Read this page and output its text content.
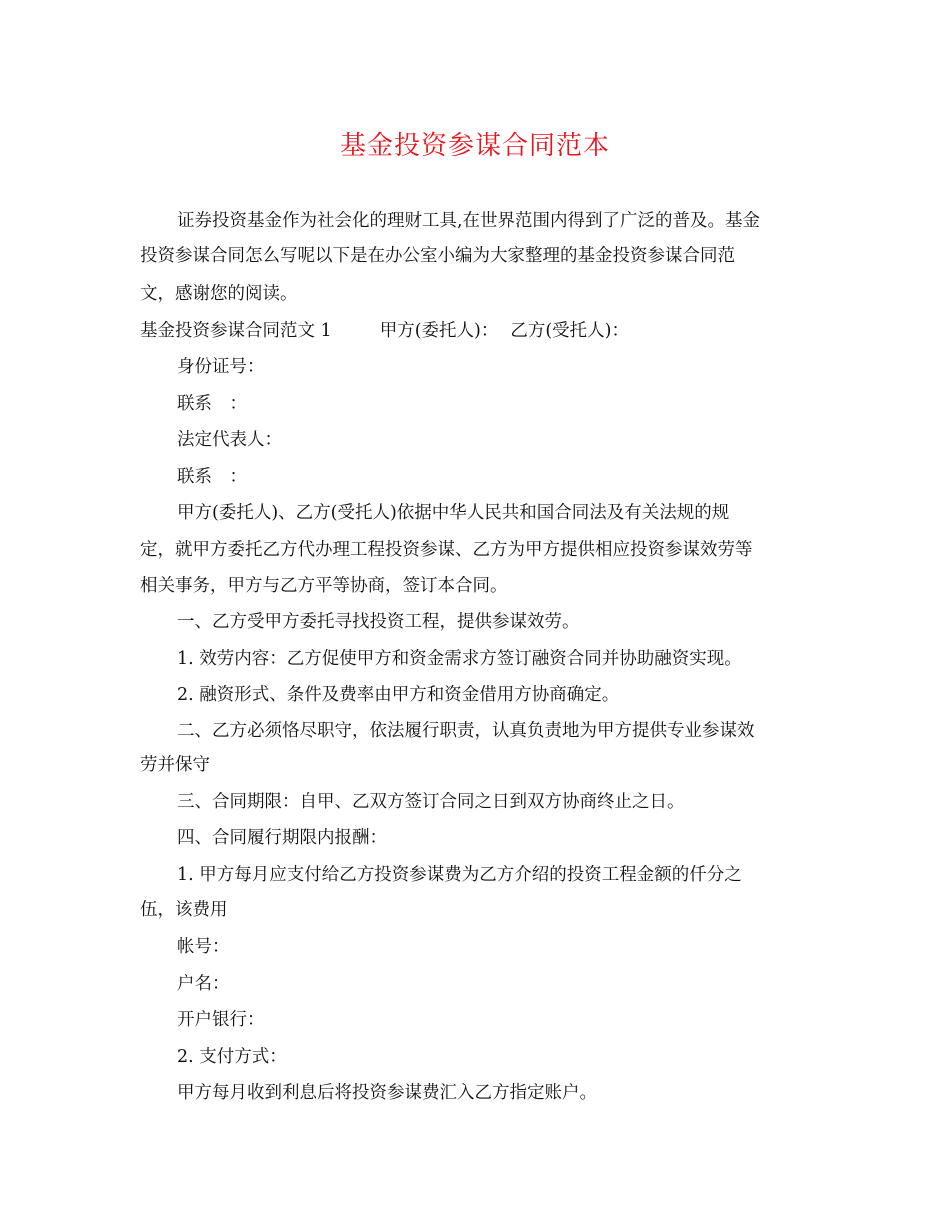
基金投资参谋合同范本
证券投资基金作为社会化的理财工具,在世界范围内得到了广泛的普及。基金
投资参谋合同怎么写呢以下是在办公室小编为大家整理的基金投资参谋合同范
文，感谢您的阅读。
基金投资参谋合同范文 1	甲方(委托人)： 乙方(受托人)：
身份证号：
联系　：
法定代表人：
联系　：
甲方(委托人)、乙方(受托人)依据中华人民共和国合同法及有关法规的规
定，就甲方委托乙方代办理工程投资参谋、乙方为甲方提供相应投资参谋效劳等
相关事务，甲方与乙方平等协商，签订本合同。
一、乙方受甲方委托寻找投资工程，提供参谋效劳。
1. 效劳内容：乙方促使甲方和资金需求方签订融资合同并协助融资实现。
2. 融资形式、条件及费率由甲方和资金借用方协商确定。
二、乙方必须恪尽职守，依法履行职责，认真负责地为甲方提供专业参谋效
劳并保守
三、合同期限：自甲、乙双方签订合同之日到双方协商终止之日。
四、合同履行期限内报酬：
1. 甲方每月应支付给乙方投资参谋费为乙方介绍的投资工程金额的仟分之
伍，该费用
帐号：
户名：
开户银行：
2. 支付方式：
甲方每月收到利息后将投资参谋费汇入乙方指定账户。
